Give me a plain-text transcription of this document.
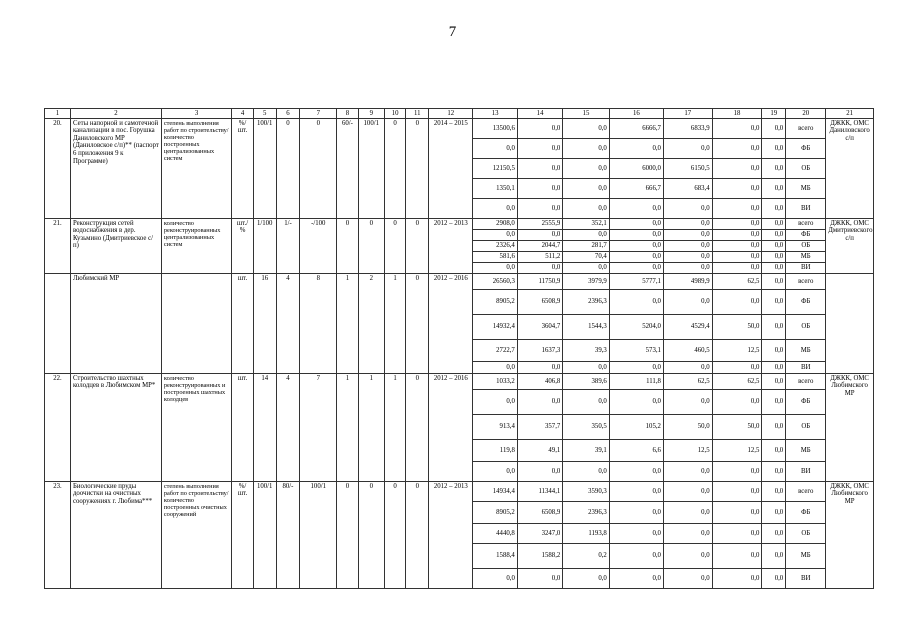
7
1	2	3	4	5	6	7	8	9	10	11	12	13	14	15	16	17	18	19	20	21
20.	Сеты напорной и самотечной канализации в пос. Горушка Даниловского МР (Даниловское с/п)** (паспорт 6 приложения 9 к Программе)	степень выполнения работ по строительству/ количество построенных централизованных систем	%/ шт.	100/1	0	0	60/-	100/1	0	0	2014 – 2015	13500,6	0,0	0,0	6666,7	6833,9	0,0	0,0	всего	ДЖКК, ОМС Даниловского с/п
												0,0	0,0	0,0	0,0	0,0	0,0	0,0	ФБ	
												12150,5	0,0	0,0	6000,0	6150,5	0,0	0,0	ОБ	
												1350,1	0,0	0,0	666,7	683,4	0,0	0,0	МБ	
												0,0	0,0	0,0	0,0	0,0	0,0	0,0	ВИ	
21.	Реконструкция сетей водоснабжения в дер. Кузьмино (Дмитриевское с/п)	количество реконструированных централизованных систем	шт./ %	1/100	1/-	-/100	0	0	0	0	2012 – 2013	2908,0	2555,9	352,1	0,0	0,0	0,0	0,0	всего	ДЖКК, ОМС Дмитриевского с/п
												0,0	0,0	0,0	0,0	0,0	0,0	0,0	ФБ	
												2326,4	2044,7	281,7	0,0	0,0	0,0	0,0	ОБ	
												581,6	511,2	70,4	0,0	0,0	0,0	0,0	МБ	
												0,0	0,0	0,0	0,0	0,0	0,0	0,0	ВИ	
	Любимский МР		шт.	16	4	8	1	2	1	0	2012 – 2016	26560,3	11750,9	3979,9	5777,1	4989,9	62,5	0,0	всего	
												8905,2	6508,9	2396,3	0,0	0,0	0,0	0,0	ФБ	
												14932,4	3604,7	1544,3	5204,0	4529,4	50,0	0,0	ОБ	
												2722,7	1637,3	39,3	573,1	460,5	12,5	0,0	МБ	
												0,0	0,0	0,0	0,0	0,0	0,0	0,0	ВИ	
22.	Строительство шахтных колодцев в Любимском МР*	количество реконструированных и построенных шахтных колодцев	шт.	14	4	7	1	1	1	0	2012 – 2016	1033,2	406,8	389,6	111,8	62,5	62,5	0,0	всего	ДЖКК, ОМС Любимского МР
												0,0	0,0	0,0	0,0	0,0	0,0	0,0	ФБ	
												913,4	357,7	350,5	105,2	50,0	50,0	0,0	ОБ	
												119,8	49,1	39,1	6,6	12,5	12,5	0,0	МБ	
												0,0	0,0	0,0	0,0	0,0	0,0	0,0	ВИ	
23.	Биологические пруды доочистки на очистных сооружениях г. Любима***	степень выполнения работ по строительству/ количество построенных очистных сооружений	%/ шт.	100/1	80/-	100/1	0	0	0	0	2012 – 2013	14934,4	11344,1	3590,3	0,0	0,0	0,0	0,0	всего	ДЖКК, ОМС Любимского МР
												8905,2	6508,9	2396,3	0,0	0,0	0,0	0,0	ФБ	
												4440,8	3247,0	1193,8	0,0	0,0	0,0	0,0	ОБ	
												1588,4	1588,2	0,2	0,0	0,0	0,0	0,0	МБ	
												0,0	0,0	0,0	0,0	0,0	0,0	0,0	ВИ	
